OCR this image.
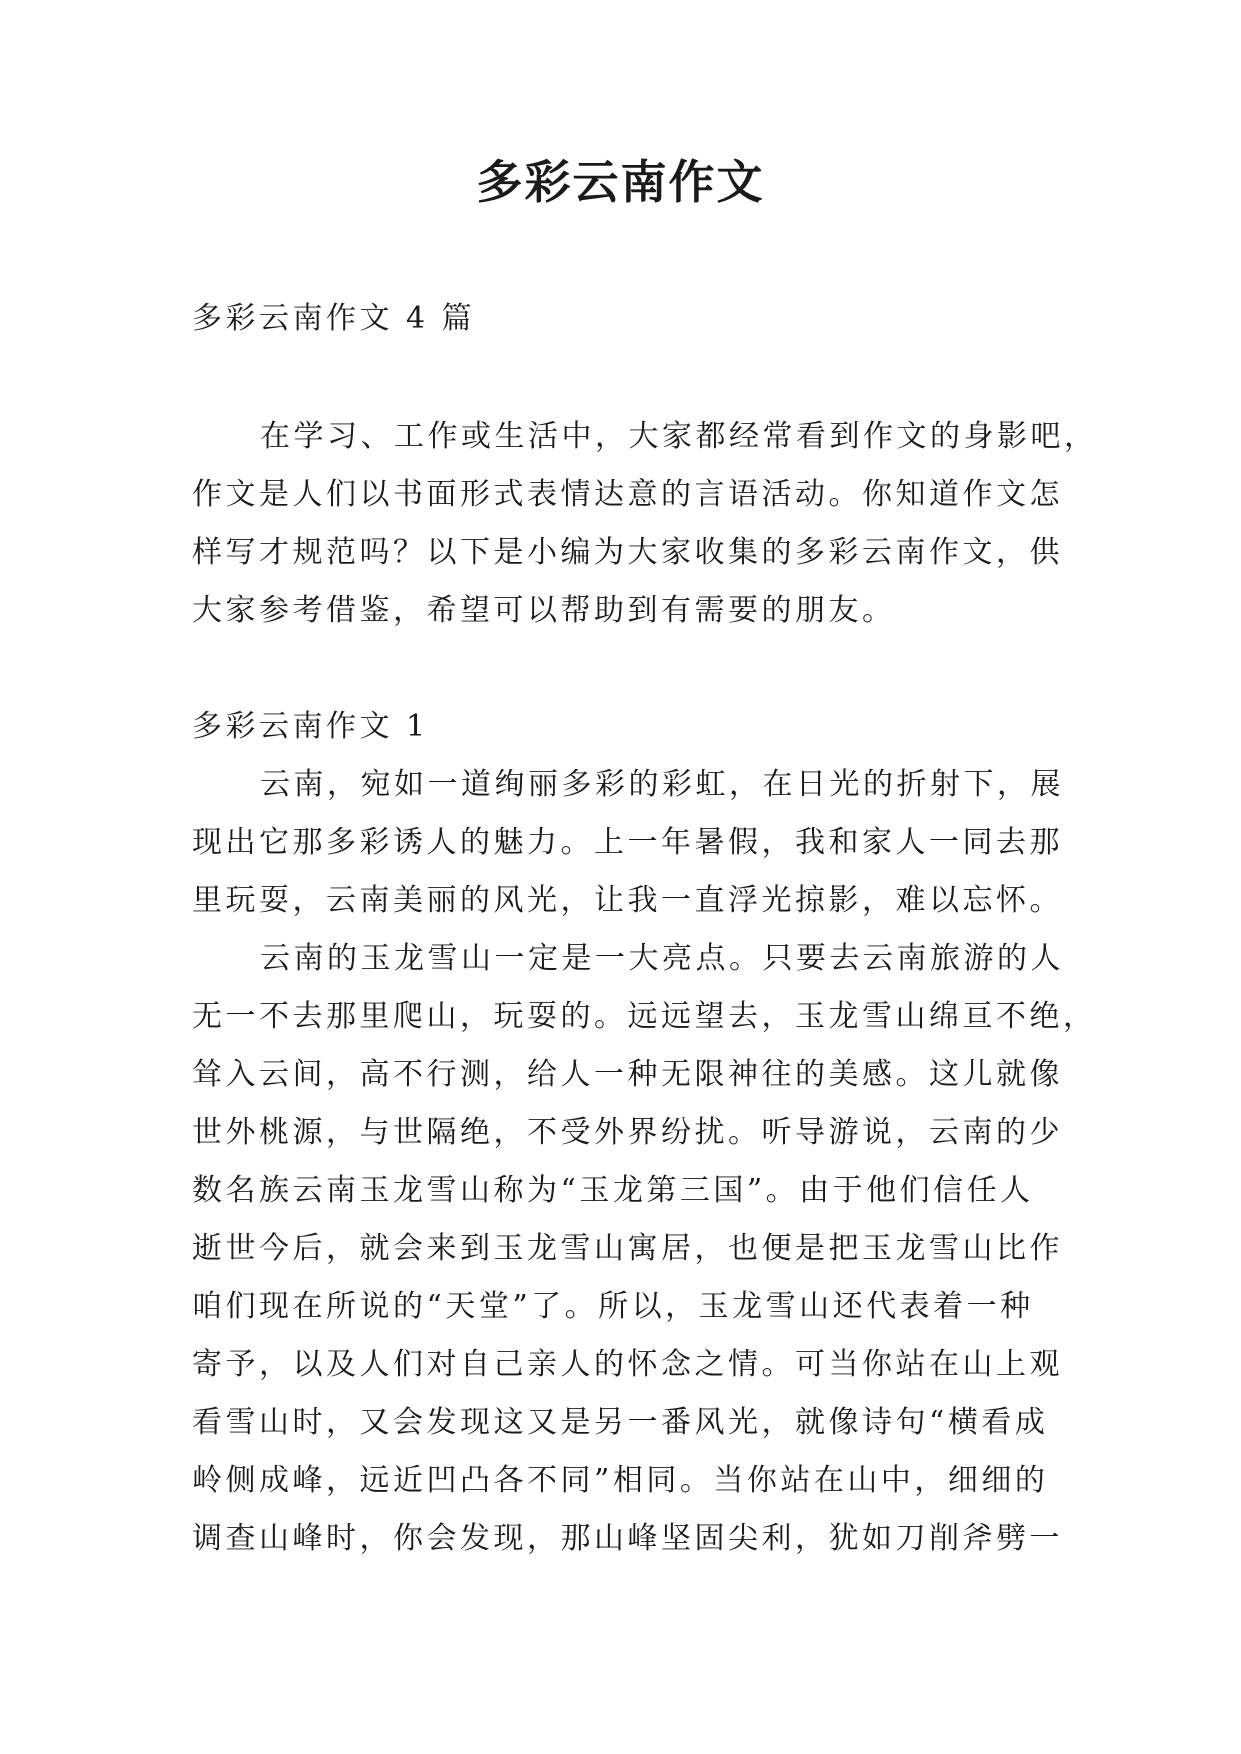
多彩云南作文

多彩云南作文 4 篇

在学习、工作或生活中，大家都经常看到作文的身影吧，
作文是人们以书面形式表情达意的言语活动。你知道作文怎
样写才规范吗？以下是小编为大家收集的多彩云南作文，供
大家参考借鉴，希望可以帮助到有需要的朋友。

多彩云南作文 1

云南，宛如一道绚丽多彩的彩虹，在日光的折射下，展
现出它那多彩诱人的魅力。上一年暑假，我和家人一同去那
里玩耍，云南美丽的风光，让我一直浮光掠影，难以忘怀。
云南的玉龙雪山一定是一大亮点。只要去云南旅游的人
无一不去那里爬山，玩耍的。远远望去，玉龙雪山绵亘不绝，
耸入云间，高不行测，给人一种无限神往的美感。这儿就像
世外桃源，与世隔绝，不受外界纷扰。听导游说，云南的少
数名族云南玉龙雪山称为“玉龙第三国”。由于他们信任人
逝世今后，就会来到玉龙雪山寓居，也便是把玉龙雪山比作
咱们现在所说的“天堂”了。所以，玉龙雪山还代表着一种
寄予，以及人们对自己亲人的怀念之情。可当你站在山上观
看雪山时，又会发现这又是另一番风光，就像诗句“横看成
岭侧成峰，远近凹凸各不同”相同。当你站在山中，细细的
调查山峰时，你会发现，那山峰坚固尖利，犹如刀削斧劈一
